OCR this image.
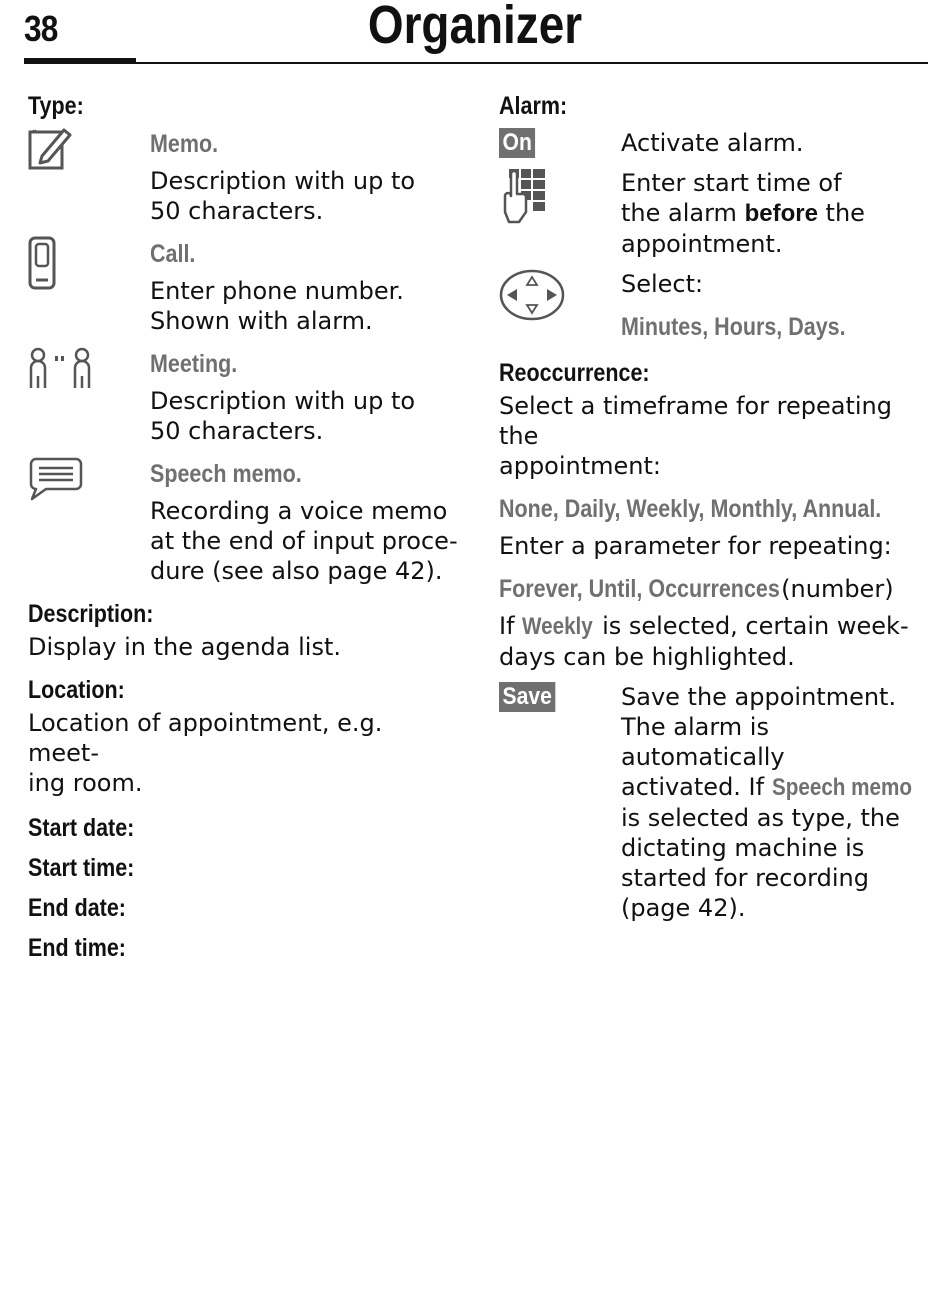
38	Organizer
Type:
Memo.
Description with up to
50 characters.
Call.
Enter phone number.
Shown with alarm.
Meeting.
Description with up to
50 characters.
Speech memo.
Recording a voice memo
at the end of input proce-
dure (see also page 42).
Description:
Display in the agenda list.
Location:
Location of appointment, e.g. meet-
ing room.
Start date:
Start time:
End date:
End time:
Alarm:
On	Activate alarm.
Enter start time of
the alarm before the
appointment.
Select:
Minutes, Hours, Days.
Reoccurrence:
Select a timeframe for repeating the
appointment:
None, Daily, Weekly, Monthly, Annual.
Enter a parameter for repeating:
Forever, Until, Occurrences (number)
If Weekly is selected, certain week-
days can be highlighted.
Save	Save the appointment.
The alarm is automatically
activated. If Speech memo
is selected as type, the
dictating machine is
started for recording
(page 42).
